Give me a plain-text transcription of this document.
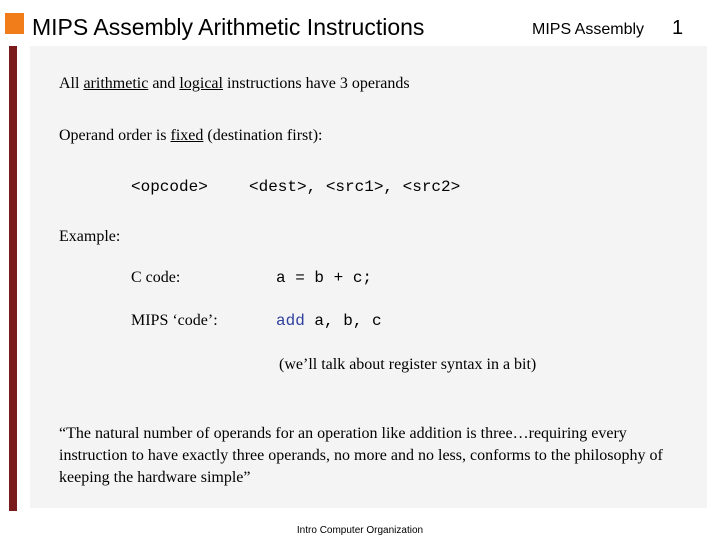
MIPS Assembly Arithmetic Instructions	MIPS Assembly 1
All arithmetic and logical instructions have 3 operands
Operand order is fixed (destination first):
<opcode>	<dest>, <src1>, <src2>
Example:
C code:	a = b + c;
MIPS ‘code’:	add a, b, c
(we’ll talk about register syntax in a bit)
“The natural number of operands for an operation like addition is three…requiring every instruction to have exactly three operands, no more and no less, conforms to the philosophy of keeping the hardware simple”
Intro Computer Organization
